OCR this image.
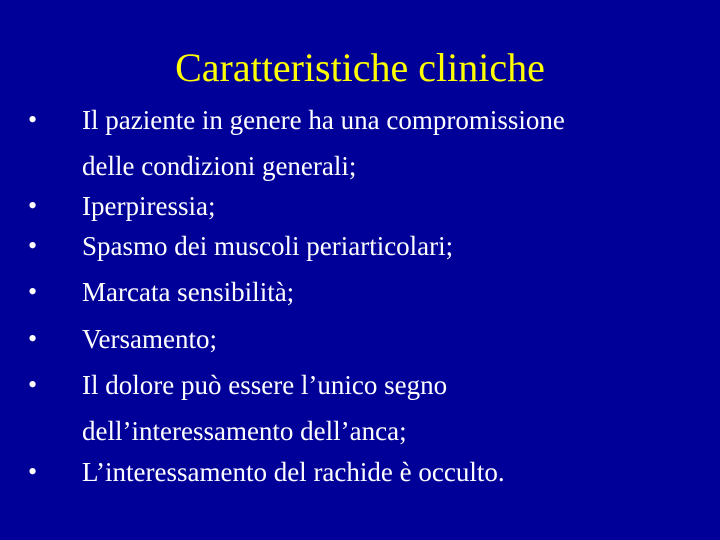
Caratteristiche cliniche
• Il paziente in genere ha una compromissione
delle condizioni generali;
• Iperpiressia;
• Spasmo dei muscoli periarticolari;
• Marcata sensibilità;
• Versamento;
• Il dolore può essere l’unico segno
dell’interessamento dell’anca;
• L’interessamento del rachide è occulto.
